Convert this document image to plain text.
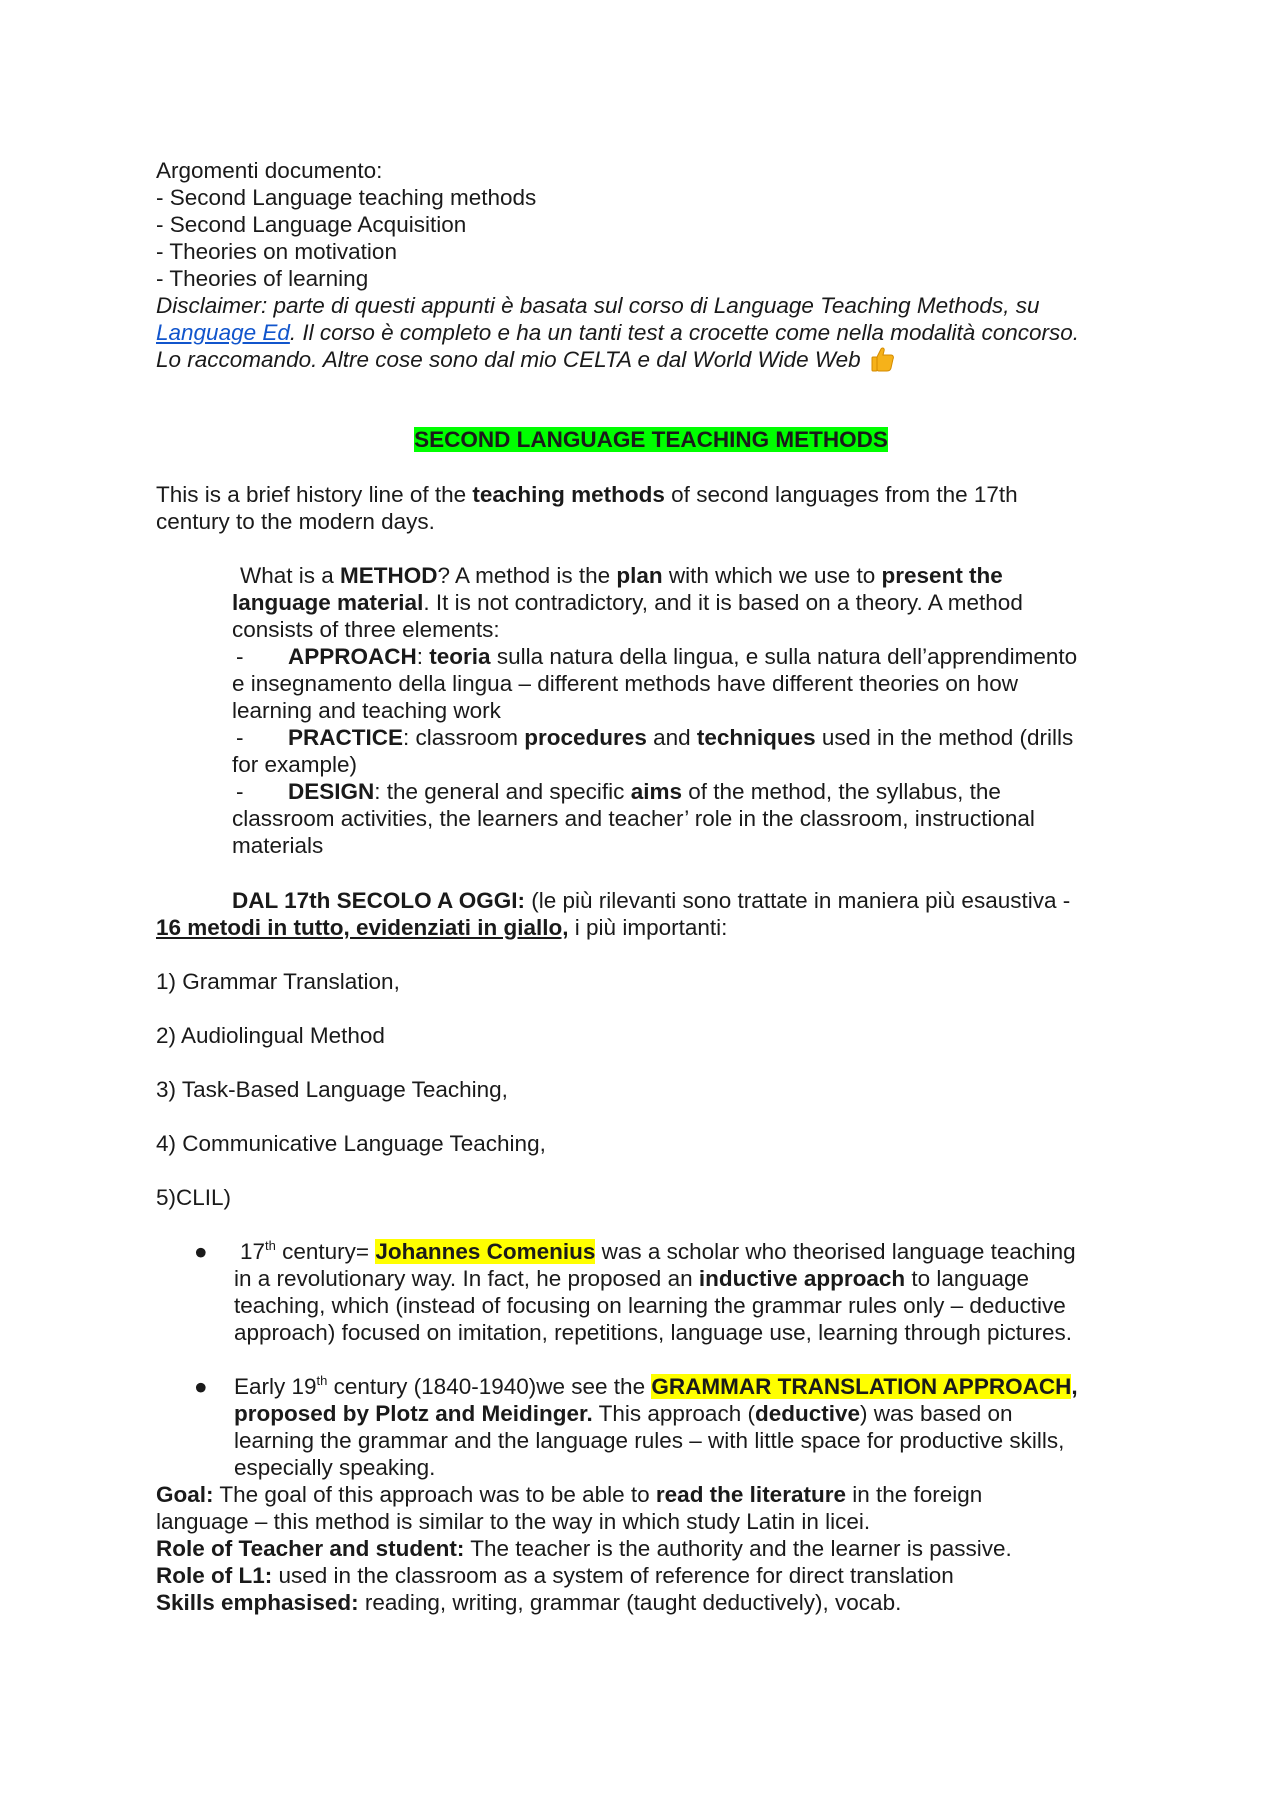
Argomenti documento:

- Second Language teaching methods

- Second Language Acquisition

- Theories on motivation

- Theories of learning

Disclaimer: parte di questi appunti è basata sul corso di Language Teaching Methods, su

Language Ed. Il corso è completo e ha un tanti test a crocette come nella modalità concorso.

Lo raccomando. Altre cose sono dal mio CELTA e dal World Wide Web

SECOND LANGUAGE TEACHING METHODS

This is a brief history line of the teaching methods of second languages from the 17th

century to the modern days.

What is a METHOD? A method is the plan with which we use to present the

language material. It is not contradictory, and it is based on a theory. A method

consists of three elements:

- APPROACH: teoria sulla natura della lingua, e sulla natura dell’apprendimento

e insegnamento della lingua – different methods have different theories on how

learning and teaching work

- PRACTICE: classroom procedures and techniques used in the method (drills

for example)

- DESIGN: the general and specific aims of the method, the syllabus, the

classroom activities, the learners and teacher’ role in the classroom, instructional

materials

DAL 17th SECOLO A OGGI: (le più rilevanti sono trattate in maniera più esaustiva -

16 metodi in tutto, evidenziati in giallo, i più importanti:

1) Grammar Translation,

2) Audiolingual Method

3) Task-Based Language Teaching,

4) Communicative Language Teaching,

5)CLIL)

● 17th century= Johannes Comenius was a scholar who theorised language teaching

in a revolutionary way. In fact, he proposed an inductive approach to language

teaching, which (instead of focusing on learning the grammar rules only – deductive

approach) focused on imitation, repetitions, language use, learning through pictures.

● Early 19th century (1840-1940)we see the GRAMMAR TRANSLATION APPROACH,

proposed by Plotz and Meidinger. This approach (deductive) was based on

learning the grammar and the language rules – with little space for productive skills,

especially speaking.

Goal: The goal of this approach was to be able to read the literature in the foreign

language – this method is similar to the way in which study Latin in licei.

Role of Teacher and student: The teacher is the authority and the learner is passive.

Role of L1: used in the classroom as a system of reference for direct translation

Skills emphasised: reading, writing, grammar (taught deductively), vocab.
